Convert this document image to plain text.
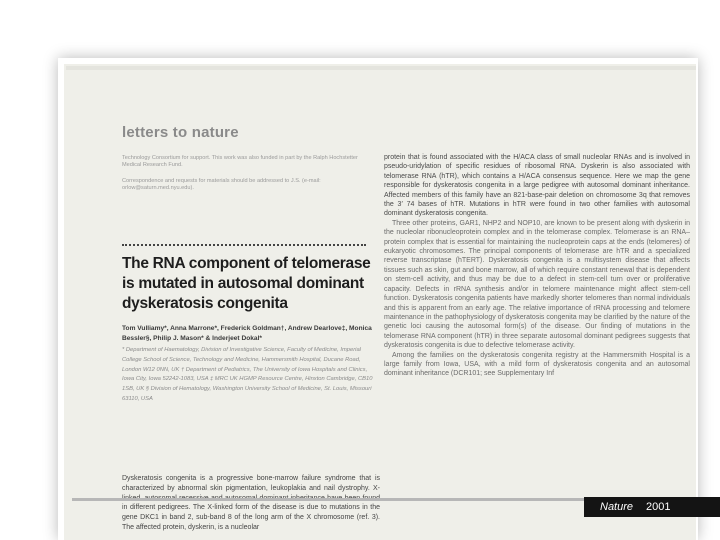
letters to nature
Technology Consortium for support. This work was also funded in part by the Ralph Hochstetter Medical Research Fund.
Correspondence and requests for materials should be addressed to J.S. (e-mail: orlow@saturn.med.nyu.edu).
The RNA component of telomerase is mutated in autosomal dominant dyskeratosis congenita
Tom Vulliamy*, Anna Marrone*, Frederick Goldman†, Andrew Dearlove‡, Monica Bessler§, Philip J. Mason* & Inderjeet Dokal*
* Department of Haematology, Division of Investigative Science, Faculty of Medicine, Imperial College School of Science, Technology and Medicine, Hammersmith Hospital, Ducane Road, London W12 0NN, UK † Department of Pediatrics, The University of Iowa Hospitals and Clinics, Iowa City, Iowa 52242-1083, USA ‡ MRC UK HGMP Resource Centre, Hinxton Cambridge, CB10 1SB, UK § Division of Hematology, Washington University School of Medicine, St. Louis, Missouri 63110, USA
Dyskeratosis congenita is a progressive bone-marrow failure syndrome that is characterized by abnormal skin pigmentation, leukoplakia and nail dystrophy. X- in different pedigrees. The X-linked form of the disease is due to mutations in the gene DKC1 in band 2, sub-band 8 of the long arm of the X chromosome (ref. 3). The affected protein, dyskerin, is a nucleolar

protein that is found associated with the H/ACA class of small nucleolar RNAs and is involved in pseudo-uridylation of specific residues of ribosomal RNA. Dyskerin is also associated with telomerase RNA (hTR), which contains a H/ACA consensus sequence. Here we map the gene responsible for dyskeratosis congenita in a large pedigree with autosomal dominant inheritance. Affected members of this family have an 821-base-pair deletion on chromosome 3q that removes the 3′ 74 bases of hTR. Mutations in hTR were found in two other families with autosomal dominant dyskeratosis congenita.

Three other proteins, GAR1, NHP2 and NOP10, are known to be present along with dyskerin in the nucleolar ribonucleoprotein complex and in the telomerase complex. Telomerase is an RNA–protein complex that is essential for maintaining the nucleoprotein caps at the ends (telomeres) of eukaryotic chromosomes. The principal components of telomerase are hTR and a specialized reverse transcriptase (hTERT). Dyskeratosis congenita is a multisystem disease that affects tissues such as skin, gut and bone marrow, all of which require constant renewal that is dependent on stem-cell activity, and thus may be due to a defect in stem-cell turn over or proliferative capacity. Defects in rRNA synthesis and/or in telomere maintenance might affect stem-cell function. Dyskeratosis congenita patients have markedly shorter telomeres than normal individuals and this is apparent from an early age. The relative importance of rRNA processing and telomere maintenance in the pathophysiology of dyskeratosis congenita may be clarified by the nature of the genetic loci causing the autosomal form(s) of the disease. Our finding of mutations in the telomerase RNA component (hTR) in three separate autosomal dominant pedigrees suggests that dyskeratosis congenita is due to defective telomerase activity.

Among the families on the dyskeratosis congenita registry at the Hammersmith Hospital is a large family from Iowa, USA, with a mild form of dyskeratosis congenita and an autosomal dominant inheritance (DCR101; see Supplementary Inf

Nature 2001
